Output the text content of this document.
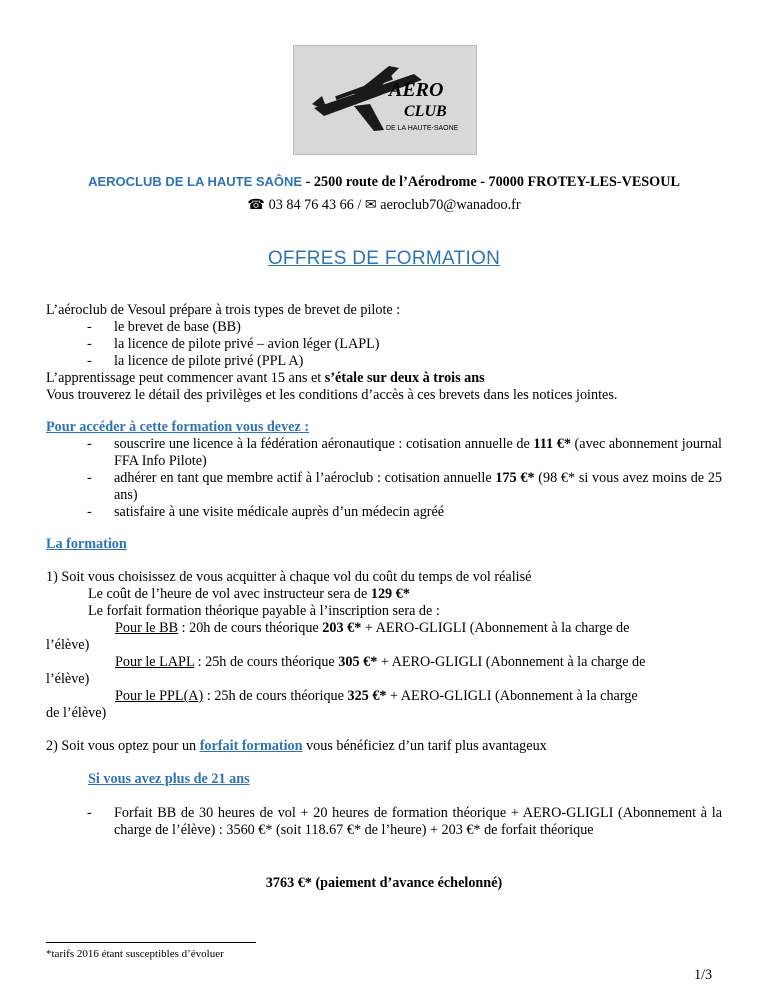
AERO
CLUB
DE LA HAUTE-SAONE
AEROCLUB DE LA HAUTE SAÔNE - 2500 route de l’Aérodrome - 70000 FROTEY-LES-VESOUL
☎ 03 84 76 43 66 / ✉ aeroclub70@wanadoo.fr
OFFRES DE FORMATION
L’aéroclub de Vesoul prépare à trois types de brevet de pilote :
-	le brevet de base (BB)
-	la licence de pilote privé – avion léger (LAPL)
-	la licence de pilote privé (PPL A)
L’apprentissage peut commencer avant 15 ans et s’étale sur deux à trois ans
Vous trouverez le détail des privilèges et les conditions d’accès à ces brevets dans les notices jointes.
Pour accéder à cette formation vous devez :
-	souscrire une licence à la fédération aéronautique : cotisation annuelle de 111 €* (avec abonnement journal FFA Info Pilote)
-	adhérer en tant que membre actif à l’aéroclub : cotisation annuelle 175 €* (98 €* si vous avez moins de 25 ans)
-	satisfaire à une visite médicale auprès d’un médecin agréé
La formation
1) Soit vous choisissez de vous acquitter à chaque vol du coût du temps de vol réalisé
Le coût de l’heure de vol avec instructeur sera de 129 €*
Le forfait formation théorique payable à l’inscription sera de :
Pour le BB : 20h de cours théorique 203 €* + AERO-GLIGLI (Abonnement à la charge de
l’élève)
Pour le LAPL : 25h de cours théorique 305 €* + AERO-GLIGLI (Abonnement à la charge de
l’élève)
Pour le PPL(A) : 25h de cours théorique 325 €* + AERO-GLIGLI (Abonnement à la charge
de l’élève)
2) Soit vous optez pour un forfait formation vous bénéficiez d’un tarif plus avantageux
Si vous avez plus de 21 ans
-	Forfait BB de 30 heures de vol + 20 heures de formation théorique + AERO-GLIGLI (Abonnement à la charge de l’élève) : 3560 €* (soit 118.67 €* de l’heure) + 203 €* de forfait théorique
3763 €* (paiement d’avance échelonné)
*tarifs 2016 étant susceptibles d’évoluer
1/3
